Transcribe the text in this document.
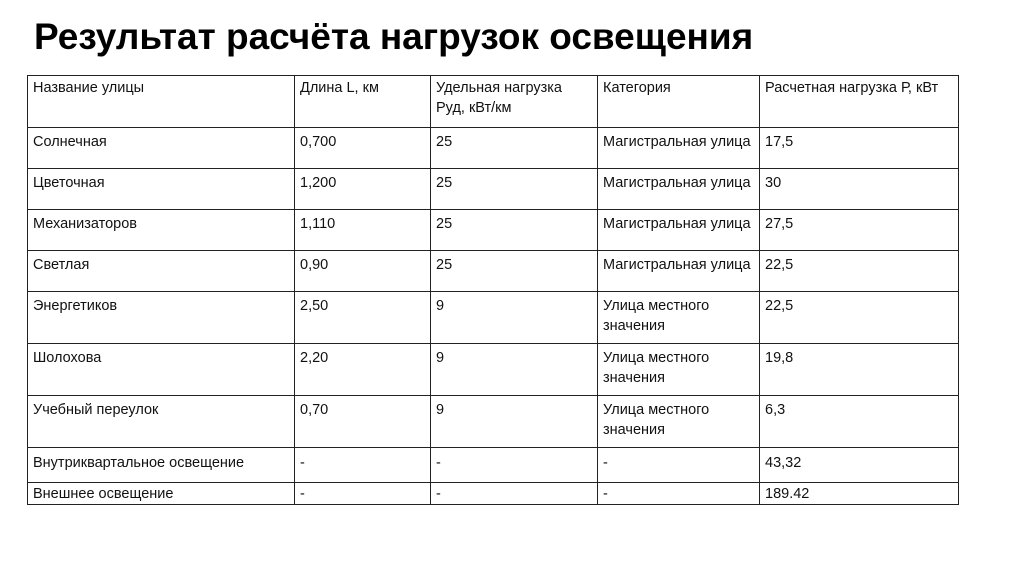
Результат расчёта нагрузок освещения
Название улицы	Длина L, км	Удельная нагрузка Руд, кВт/км	Категория	Расчетная нагрузка Р, кВт
Солнечная	0,700	25	Магистральная улица	17,5
Цветочная	1,200	25	Магистральная улица	30
Механизаторов	1,110	25	Магистральная улица	27,5
Светлая	0,90	25	Магистральная улица	22,5
Энергетиков	2,50	9	Улица местного значения	22,5
Шолохова	2,20	9	Улица местного значения	19,8
Учебный переулок	0,70	9	Улица местного значения	6,3
Внутриквартальное освещение	-	-	-	43,32
Внешнее освещение	-	-	-	189.42
